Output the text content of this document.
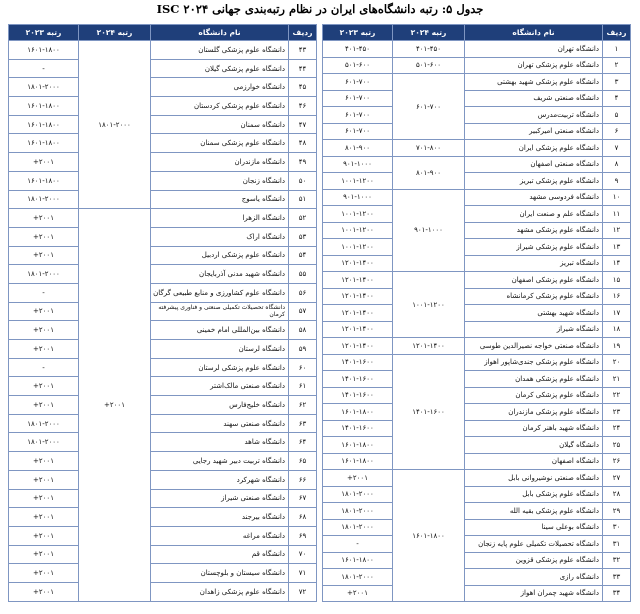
جدول ۵: رتبه دانشگاه‌های ایران در نظام رتبه‌بندی جهانی ISC ۲۰۲۴
ردیف	نام دانشگاه	رتبه ۲۰۲۴	رتبه ۲۰۲۳
۱	دانشگاه تهران	۴۰۱-۴۵۰	۴۰۱-۴۵۰
۲	دانشگاه علوم پزشکی تهران	۵۰۱-۶۰۰	۵۰۱-۶۰۰
۳	دانشگاه علوم پزشکی شهید بهشتی	۶۰۱-۷۰۰	۶۰۱-۷۰۰
۴	دانشگاه صنعتی شریف		۶۰۱-۷۰۰
۵	دانشگاه تربیت‌مدرس		۶۰۱-۷۰۰
۶	دانشگاه صنعتی امیرکبیر		۶۰۱-۷۰۰
۷	دانشگاه علوم پزشکی ایران	۷۰۱-۸۰۰	۸۰۱-۹۰۰
۸	دانشگاه صنعتی اصفهان	۸۰۱-۹۰۰	۹۰۱-۱۰۰۰
۹	دانشگاه علوم پزشکی تبریز		۱۰۰۱-۱۲۰۰
۱۰	دانشگاه فردوسی مشهد	۹۰۱-۱۰۰۰	۹۰۱-۱۰۰۰
۱۱	دانشگاه علم و صنعت ایران		۱۰۰۱-۱۲۰۰
۱۲	دانشگاه علوم پزشکی مشهد		۱۰۰۱-۱۲۰۰
۱۳	دانشگاه علوم پزشکی شیراز		۱۰۰۱-۱۲۰۰
۱۴	دانشگاه تبریز		۱۲۰۱-۱۴۰۰
۱۵	دانشگاه علوم پزشکی اصفهان	۱۰۰۱-۱۲۰۰	۱۲۰۱-۱۴۰۰
۱۶	دانشگاه علوم پزشکی کرمانشاه		۱۲۰۱-۱۴۰۰
۱۷	دانشگاه شهید بهشتی		۱۲۰۱-۱۴۰۰
۱۸	دانشگاه شیراز		۱۲۰۱-۱۴۰۰
۱۹	دانشگاه صنعتی خواجه نصیرالدین طوسی	۱۲۰۱-۱۴۰۰	۱۲۰۱-۱۴۰۰
۲۰	دانشگاه علوم پزشکی جندی‌شاپور اهواز	۱۴۰۱-۱۶۰۰	۱۴۰۱-۱۶۰۰
۲۱	دانشگاه علوم پزشکی همدان		۱۴۰۱-۱۶۰۰
۲۲	دانشگاه علوم پزشکی کرمان		۱۴۰۱-۱۶۰۰
۲۳	دانشگاه علوم پزشکی مازندران		۱۶۰۱-۱۸۰۰
۲۴	دانشگاه شهید باهنر کرمان		۱۴۰۱-۱۶۰۰
۲۵	دانشگاه گیلان		۱۶۰۱-۱۸۰۰
۲۶	دانشگاه اصفهان		۱۶۰۱-۱۸۰۰
۲۷	دانشگاه صنعتی نوشیروانی بابل	۱۶۰۱-۱۸۰۰	+۲۰۰۱
۲۸	دانشگاه علوم پزشکی بابل		۱۸۰۱-۲۰۰۰
۲۹	دانشگاه علوم پزشکی بقیه الله		۱۸۰۱-۲۰۰۰
۳۰	دانشگاه بوعلی سینا		۱۸۰۱-۲۰۰۰
۳۱	دانشگاه تحصیلات تکمیلی علوم پایه زنجان		-
۳۲	دانشگاه علوم پزشکی قزوین		۱۶۰۱-۱۸۰۰
۳۳	دانشگاه رازی		۱۸۰۱-۲۰۰۰
۳۴	دانشگاه شهید چمران اهواز		+۲۰۰۱
ردیف	نام دانشگاه	رتبه ۲۰۲۴	رتبه ۲۰۲۳
۴۳	دانشگاه علوم پزشکی گلستان	۱۸۰۱-۲۰۰۰	۱۶۰۱-۱۸۰۰
۴۴	دانشگاه علوم پزشکی گیلان		-
۴۵	دانشگاه خوارزمی		۱۸۰۱-۲۰۰۰
۴۶	دانشگاه علوم پزشکی کردستان		۱۶۰۱-۱۸۰۰
۴۷	دانشگاه سمنان		۱۶۰۱-۱۸۰۰
۴۸	دانشگاه علوم پزشکی سمنان		۱۶۰۱-۱۸۰۰
۴۹	دانشگاه مازندران		+۲۰۰۱
۵۰	دانشگاه زنجان		۱۶۰۱-۱۸۰۰
۵۱	دانشگاه یاسوج		۱۸۰۱-۲۰۰۰
۵۲	دانشگاه الزهرا	+۲۰۰۱	+۲۰۰۱
۵۳	دانشگاه اراک		+۲۰۰۱
۵۴	دانشگاه علوم پزشکی اردبیل		+۲۰۰۱
۵۵	دانشگاه شهید مدنی آذربایجان		۱۸۰۱-۲۰۰۰
۵۶	دانشگاه علوم کشاورزی و منابع طبیعی گرگان		-
۵۷	دانشگاه تحصیلات تکمیلی صنعتی و فناوری پیشرفته کرمان		+۲۰۰۱
۵۸	دانشگاه بین‌المللی امام خمینی		+۲۰۰۱
۵۹	دانشگاه لرستان		+۲۰۰۱
۶۰	دانشگاه علوم پزشکی لرستان		-
۶۱	دانشگاه صنعتی مالک‌اشتر		+۲۰۰۱
۶۲	دانشگاه خلیج‌فارس		+۲۰۰۱
۶۳	دانشگاه صنعتی سهند		۱۸۰۱-۲۰۰۰
۶۴	دانشگاه شاهد		۱۸۰۱-۲۰۰۰
۶۵	دانشگاه تربیت دبیر شهید رجایی		+۲۰۰۱
۶۶	دانشگاه شهرکرد		+۲۰۰۱
۶۷	دانشگاه صنعتی شیراز		+۲۰۰۱
۶۸	دانشگاه بیرجند		+۲۰۰۱
۶۹	دانشگاه مراغه		+۲۰۰۱
۷۰	دانشگاه قم		+۲۰۰۱
۷۱	دانشگاه سیستان و بلوچستان		+۲۰۰۱
۷۲	دانشگاه علوم پزشکی زاهدان		+۲۰۰۱
